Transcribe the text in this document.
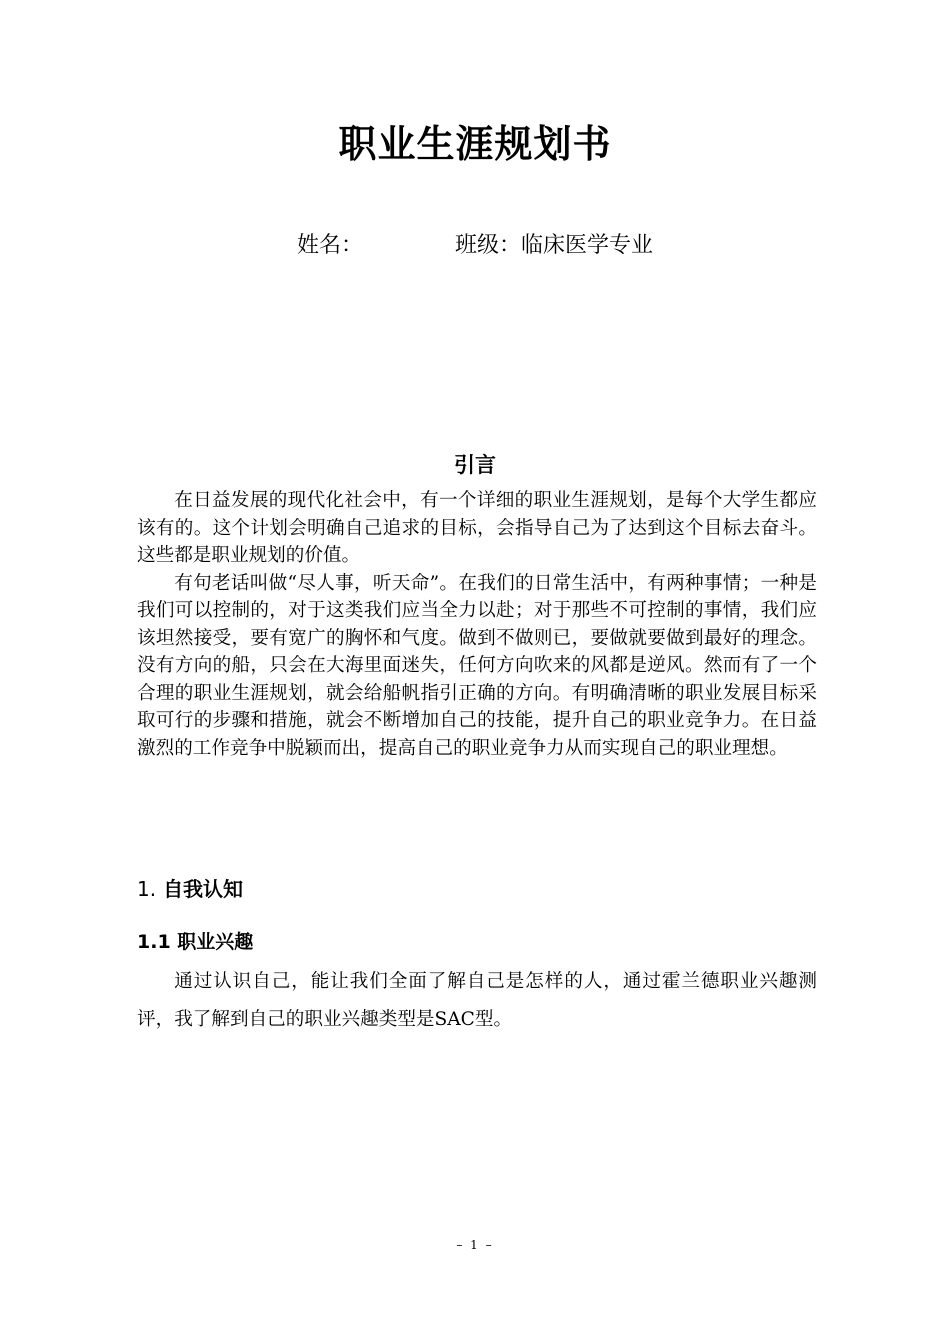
职业生涯规划书
姓名：	班级：临床医学专业
引言

在日益发展的现代化社会中，有一个详细的职业生涯规划，是每个大学生都应该有的。这个计划会明确自己追求的目标，会指导自己为了达到这个目标去奋斗。这些都是职业规划的价值。

有句老话叫做“尽人事，听天命”。在我们的日常生活中，有两种事情；一种是我们可以控制的，对于这类我们应当全力以赴；对于那些不可控制的事情，我们应该坦然接受，要有宽广的胸怀和气度。做到不做则已，要做就要做到最好的理念。没有方向的船，只会在大海里面迷失，任何方向吹来的风都是逆风。然而有了一个合理的职业生涯规划，就会给船帆指引正确的方向。有明确清晰的职业发展目标采取可行的步骤和措施，就会不断增加自己的技能，提升自己的职业竞争力。在日益激烈的工作竞争中脱颖而出，提高自己的职业竞争力从而实现自己的职业理想。

1. 自我认知
1.1 职业兴趣

通过认识自己，能让我们全面了解自己是怎样的人，通过霍兰德职业兴趣测评，我了解到自己的职业兴趣类型是SAC型。

– 1 –
